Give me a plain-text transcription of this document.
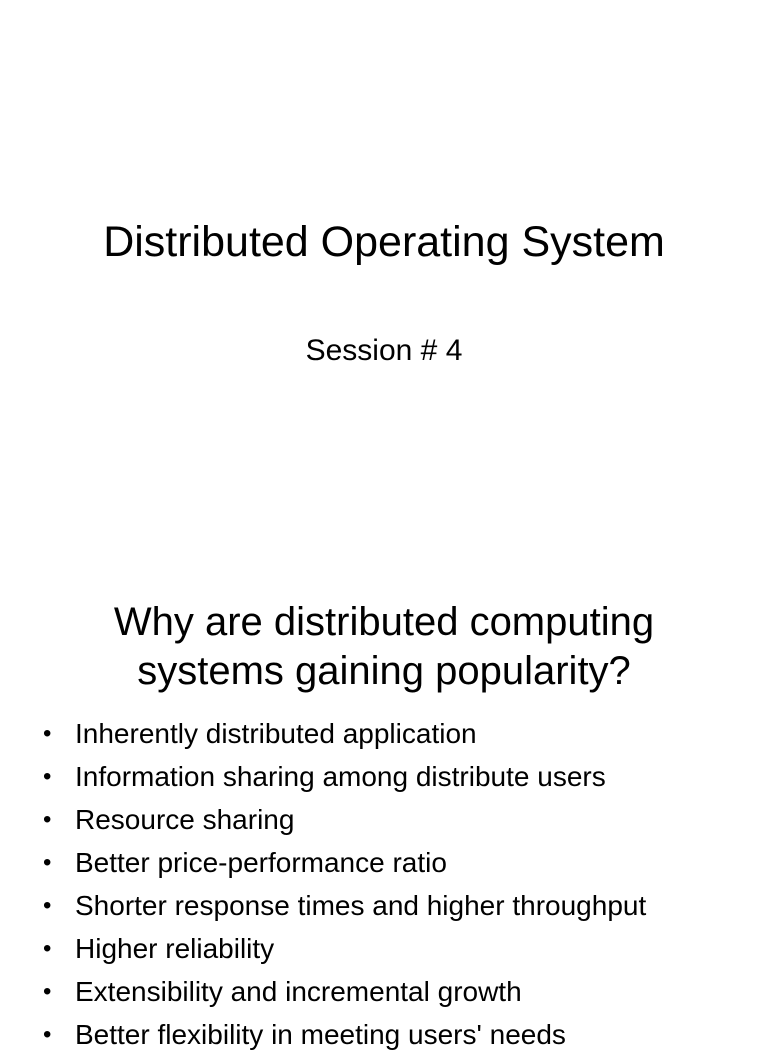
Distributed Operating System
Session # 4
Why are distributed computing
systems gaining popularity?
• Inherently distributed application
• Information sharing among distribute users
• Resource sharing
• Better price-performance ratio
• Shorter response times and higher throughput
• Higher reliability
• Extensibility and incremental growth
• Better flexibility in meeting users' needs
